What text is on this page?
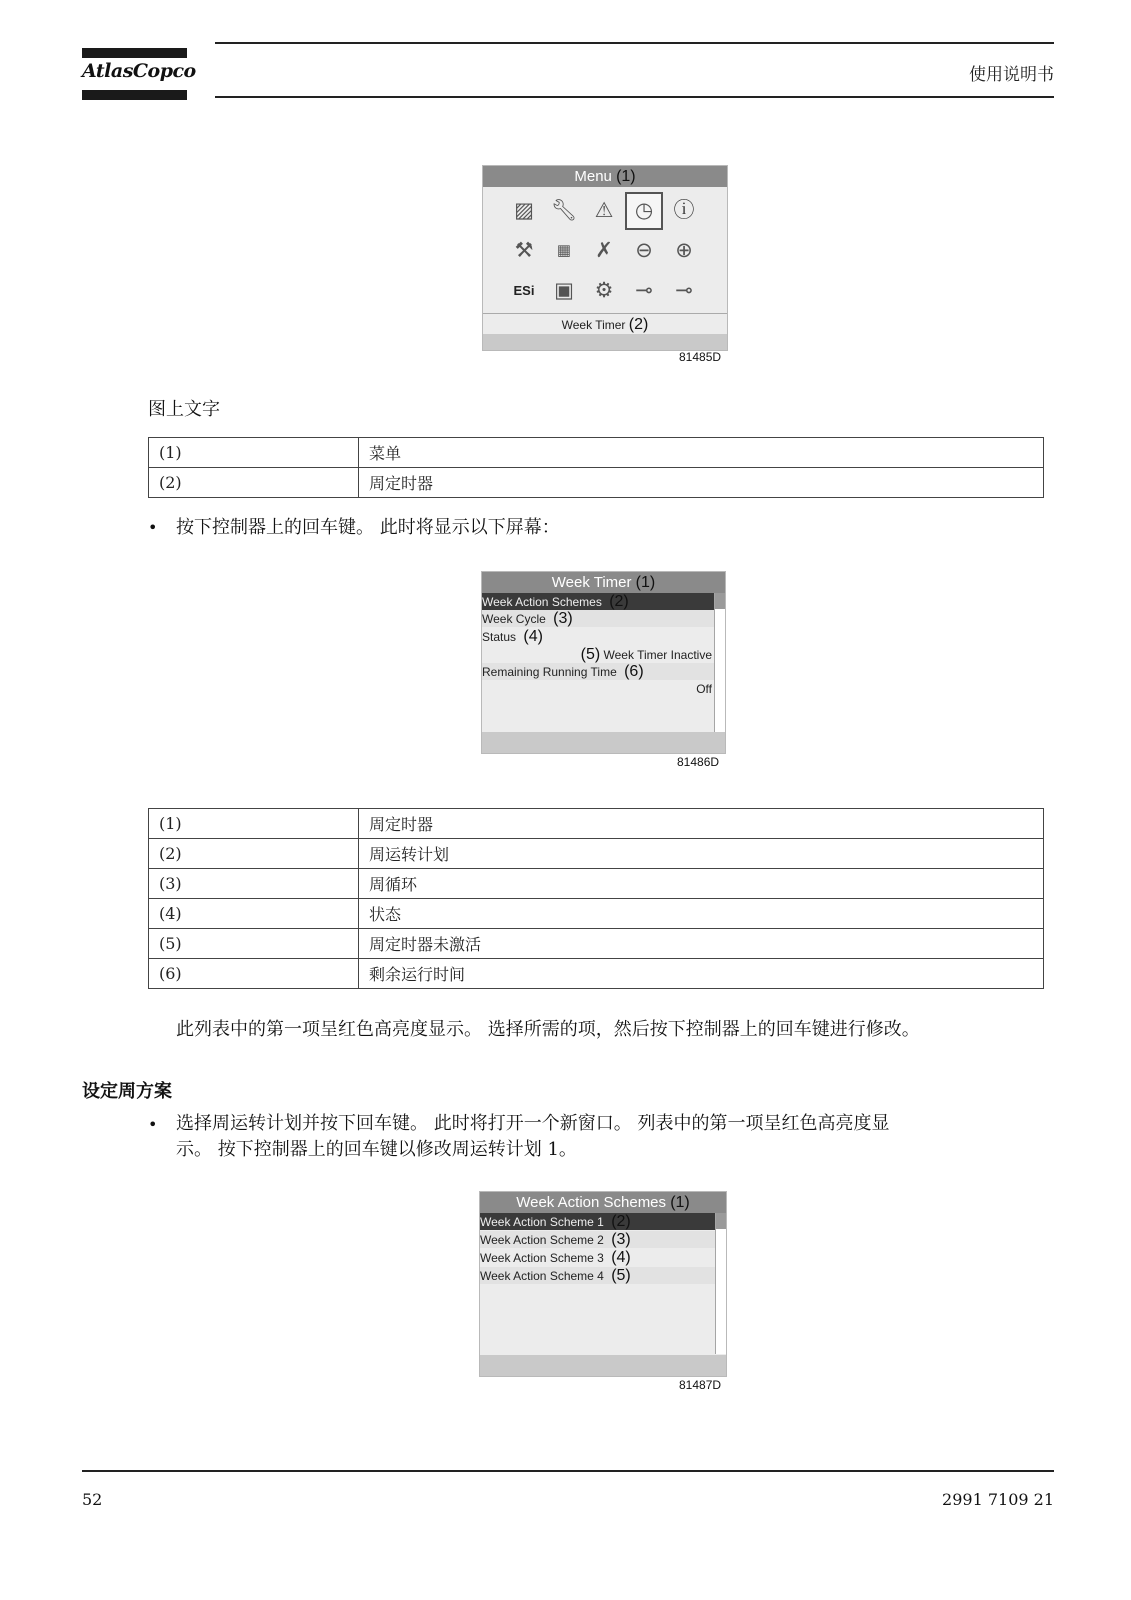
AtlasCopco	使用说明书
Menu (1)
▨ 🔧︎ ⚠	◷ ⓘ
⚒	▦	✗ ⊖ ⊕
ESi ▣ ⚙ ⊸ ⊸
Week Timer (2)
81485D
图上文字
(1)	菜单
(2)	周定时器
• 按下控制器上的回车键。 此时将显示以下屏幕：
Week Timer (1)
Week Action Schemes (2)
Week Cycle (3)
Status (4)
(5) Week Timer Inactive
Remaining Running Time (6)
Off
81486D
(1)	周定时器
(2)	周运转计划
(3)	周循环
(4)	状态
(5)	周定时器未激活
(6)	剩余运行时间
此列表中的第一项呈红色高亮度显示。 选择所需的项，然后按下控制器上的回车键进行修改。
设定周方案
• 选择周运转计划并按下回车键。 此时将打开一个新窗口。 列表中的第一项呈红色高亮度显
示。 按下控制器上的回车键以修改周运转计划 1。
Week Action Schemes (1)
Week Action Scheme 1 (2)
Week Action Scheme 2 (3)
Week Action Scheme 3 (4)
Week Action Scheme 4 (5)
81487D
52	2991 7109 21
